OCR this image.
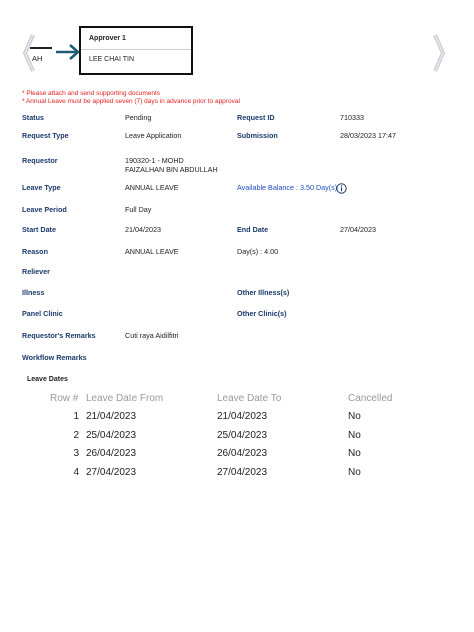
AH
Approver 1
LEE CHAI TIN
* Please attach and send supporting documents
* Annual Leave must be applied seven (7) days in advance prior to approval
Status	Pending	Request ID	710333
Request Type	Leave Application	Submission	28/03/2023 17:47
Requestor	190320-1 - MOHD
FAIZALHAN BIN ABDULLAH
Leave Type	ANNUAL LEAVE	Available Balance : 3.50 Day(s)
Leave Period	Full Day
Start Date	21/04/2023	End Date	27/04/2023
Reason	ANNUAL LEAVE	Day(s) : 4.00
Reliever
Illness	Other Illness(s)
Panel Clinic	Other Clinic(s)
Requestor's Remarks	Cuti raya Aidilfitri
Workflow Remarks
Leave Dates
Row # Leave Date From	Leave Date To	Cancelled
1 21/04/2023	21/04/2023	No
2 25/04/2023	25/04/2023	No
3 26/04/2023	26/04/2023	No
4 27/04/2023	27/04/2023	No
